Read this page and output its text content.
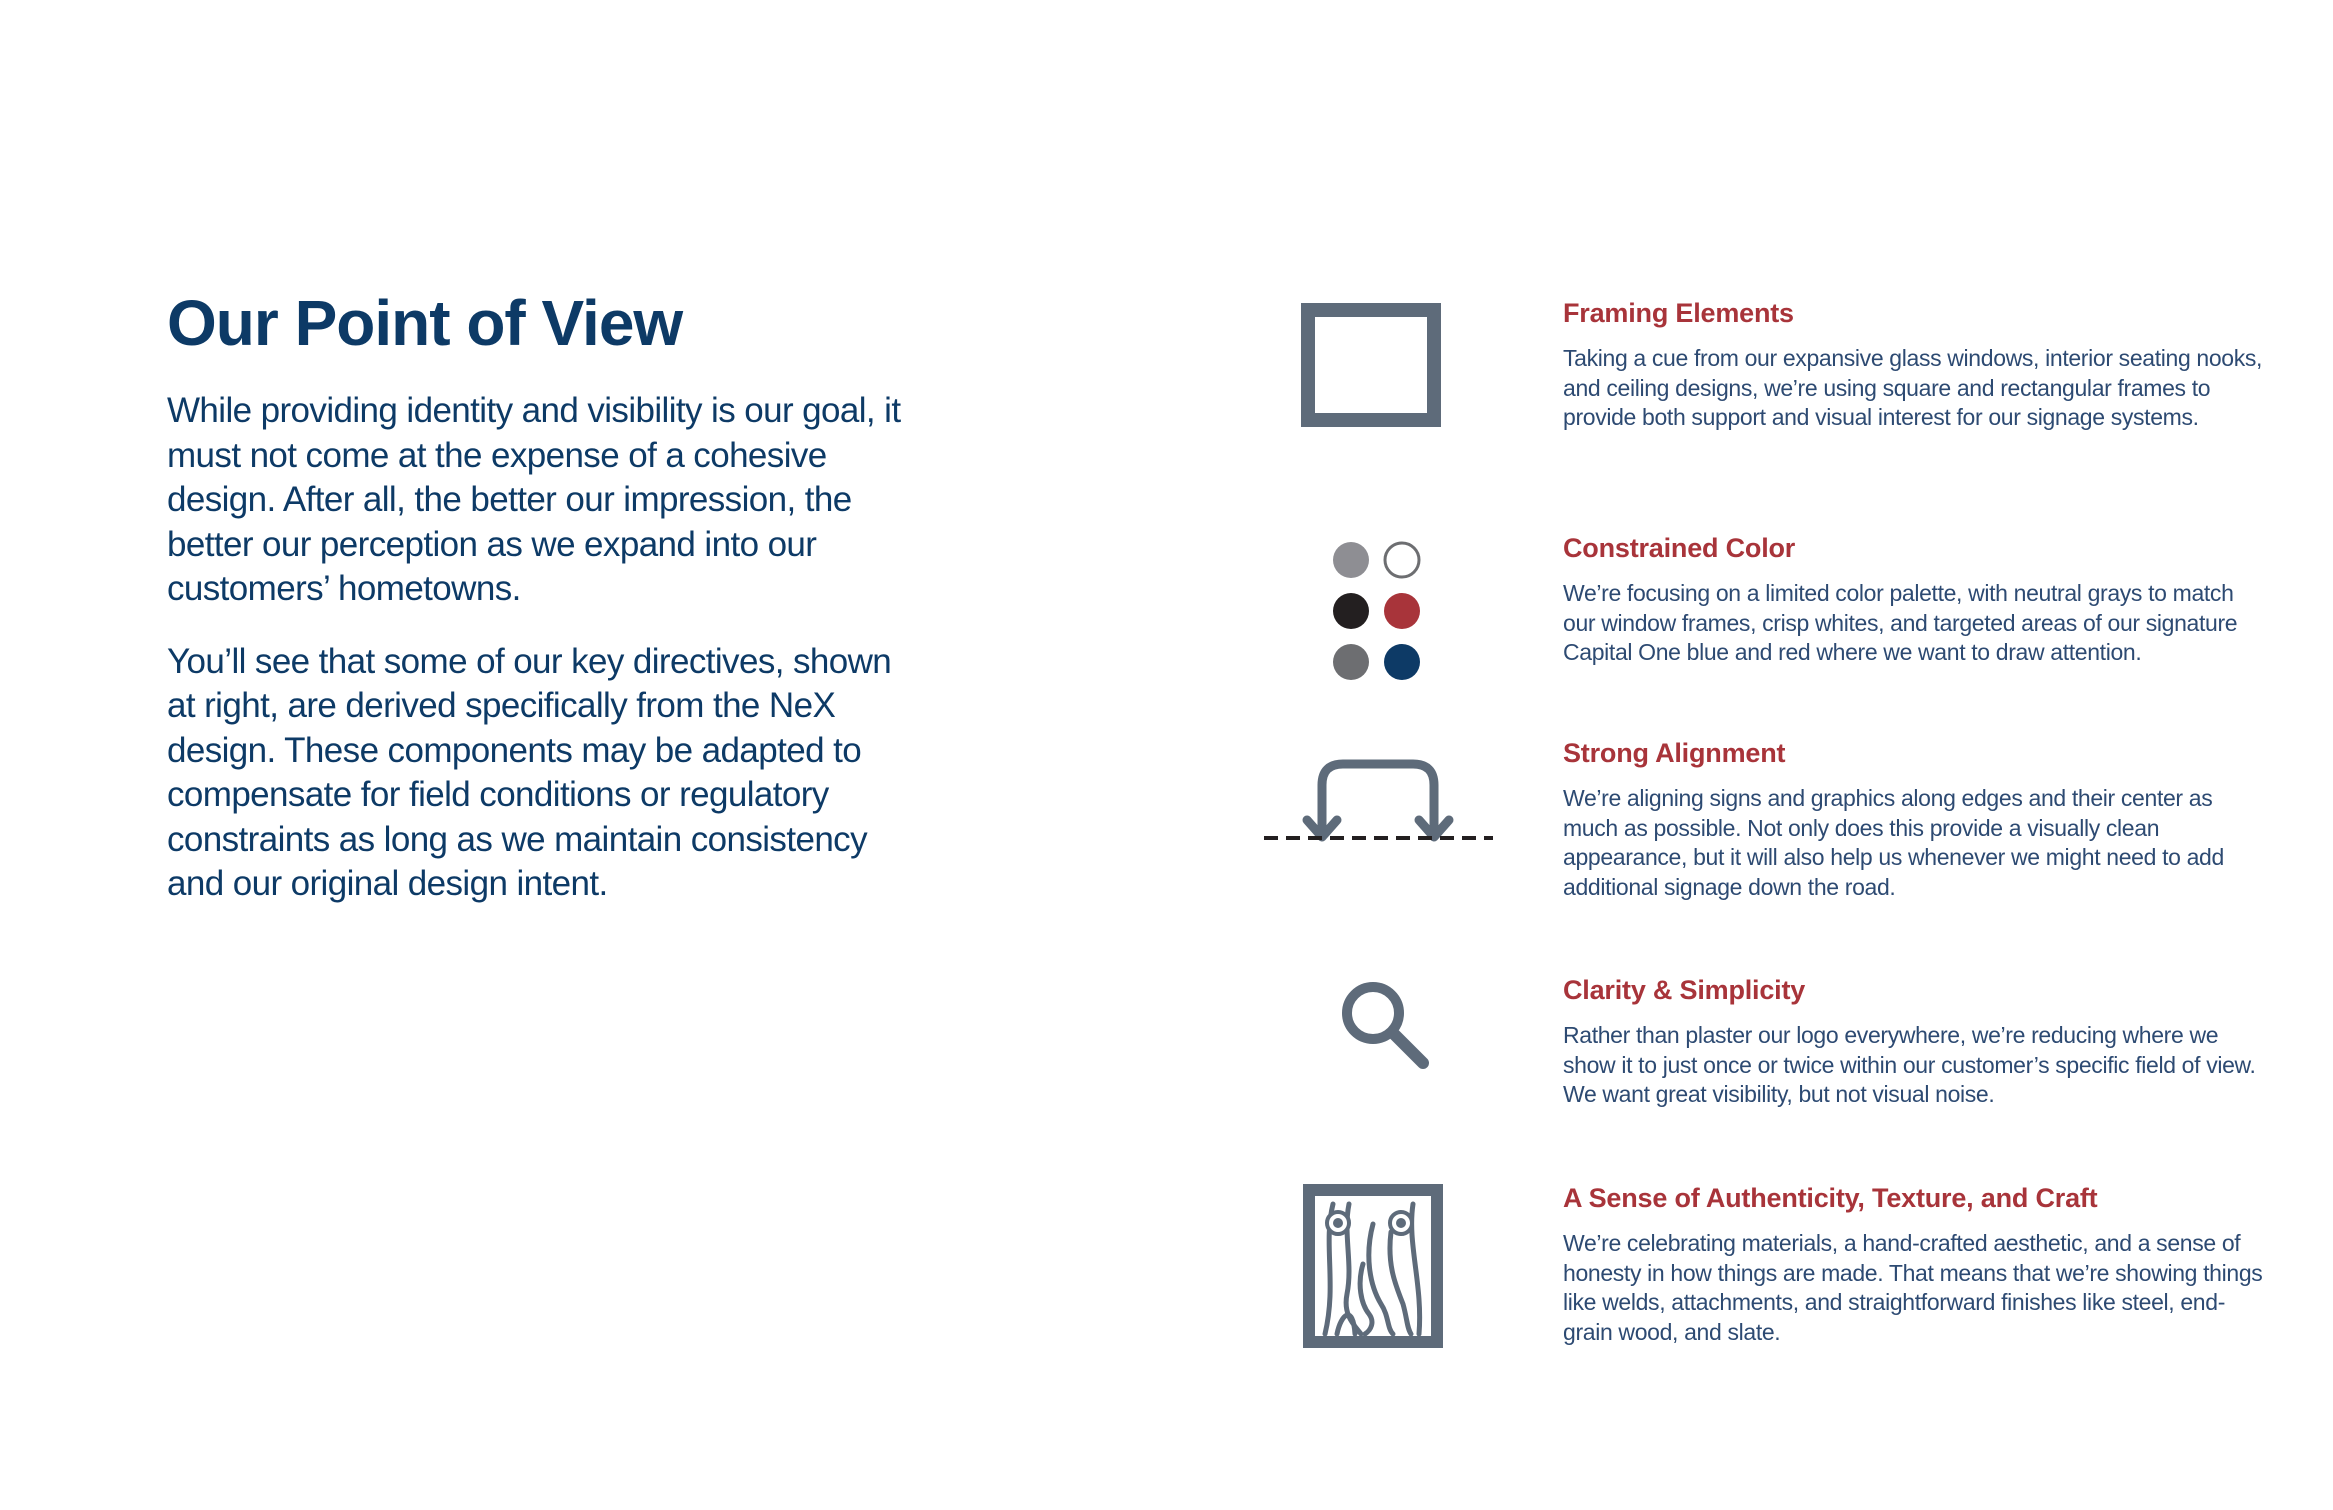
Our Point of View

While providing identity and visibility is our goal, it must not come at the expense of a cohesive design. After all, the better our impression, the better our perception as we expand into our customers’ hometowns.

You’ll see that some of our key directives, shown at right, are derived specifically from the NeX design. These components may be adapted to compensate for field conditions or regulatory constraints as long as we maintain consistency and our original design intent.

Framing Elements

Taking a cue from our expansive glass windows, interior seating nooks, and ceiling designs, we’re using square and rectangular frames to provide both support and visual interest for our signage systems.

Constrained Color

We’re focusing on a limited color palette, with neutral grays to match our window frames, crisp whites, and targeted areas of our signature Capital One blue and red where we want to draw attention.

Strong Alignment

We’re aligning signs and graphics along edges and their center as much as possible. Not only does this provide a visually clean appearance, but it will also help us whenever we might need to add additional signage down the road.

Clarity & Simplicity

Rather than plaster our logo everywhere, we’re reducing where we show it to just once or twice within our customer’s specific field of view. We want great visibility, but not visual noise.

A Sense of Authenticity, Texture, and Craft

We’re celebrating materials, a hand-crafted aesthetic, and a sense of honesty in how things are made. That means that we’re showing things like welds, attachments, and straightforward finishes like steel, end-grain wood, and slate.
